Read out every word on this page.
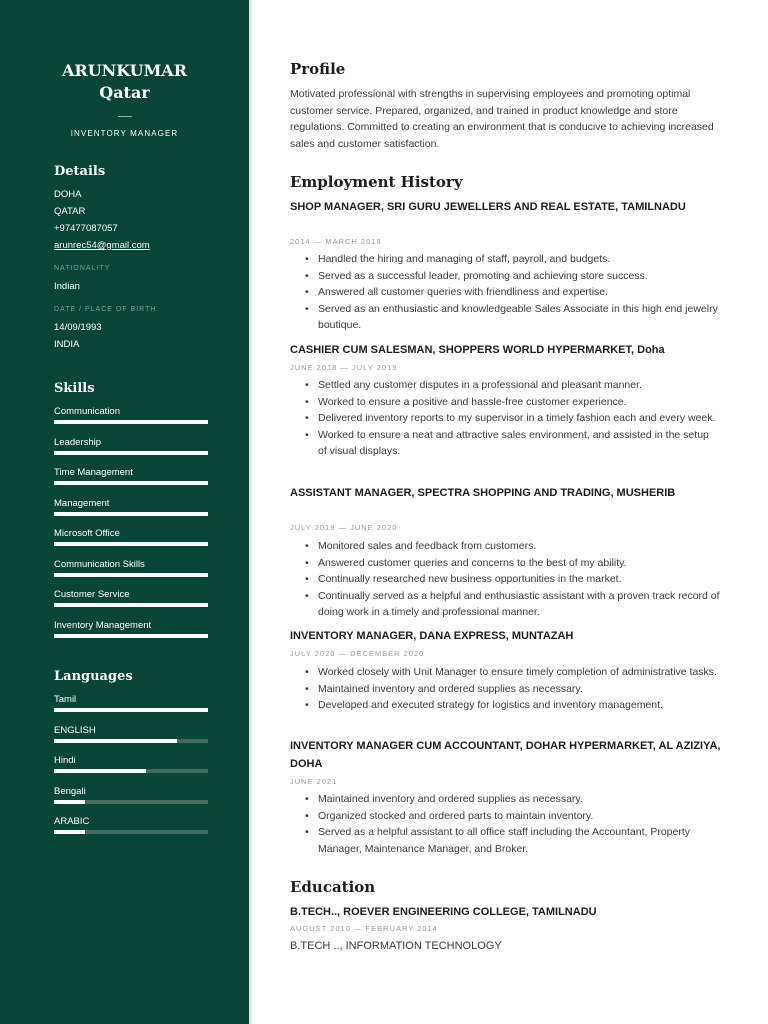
ARUNKUMAR
Qatar
INVENTORY MANAGER
Details
DOHA
QATAR
+97477087057
arunrec54@gmail.com
NATIONALITY
Indian
DATE / PLACE OF BIRTH
14/09/1993
INDIA
Skills
Communication
Leadership
Time Management
Management
Microsoft Office
Communication Skills
Customer Service
Inventory Management
Languages
Tamil
ENGLISH
Hindi
Bengali
ARABIC
Profile
Motivated professional with strengths in supervising employees and promoting optimal customer service. Prepared, organized, and trained in product knowledge and store regulations. Committed to creating an environment that is conducive to achieving increased sales and customer satisfaction.
Employment History
SHOP MANAGER, SRI GURU JEWELLERS AND REAL ESTATE, TAMILNADU
2014 — MARCH 2018
• Handled the hiring and managing of staff, payroll, and budgets.
• Served as a successful leader, promoting and achieving store success.
• Answered all customer queries with friendliness and expertise.
• Served as an enthusiastic and knowledgeable Sales Associate in this high end jewelry boutique.
CASHIER CUM SALESMAN, SHOPPERS WORLD HYPERMARKET, Doha
JUNE 2018 — JULY 2019
• Settled any customer disputes in a professional and pleasant manner.
• Worked to ensure a positive and hassle-free customer experience.
• Delivered inventory reports to my supervisor in a timely fashion each and every week.
• Worked to ensure a neat and attractive sales environment, and assisted in the setup of visual displays.
ASSISTANT MANAGER, SPECTRA SHOPPING AND TRADING, MUSHERIB
JULY 2019 — JUNE 2020
• Monitored sales and feedback from customers.
• Answered customer queries and concerns to the best of my ability.
• Continually researched new business opportunities in the market.
• Continually served as a helpful and enthusiastic assistant with a proven track record of doing work in a timely and professional manner.
INVENTORY MANAGER, DANA EXPRESS, MUNTAZAH
JULY 2020 — DECEMBER 2020
• Worked closely with Unit Manager to ensure timely completion of administrative tasks.
• Maintained inventory and ordered supplies as necessary.
• Developed and executed strategy for logistics and inventory management.
INVENTORY MANAGER CUM ACCOUNTANT, DOHAR HYPERMARKET, AL AZIZIYA, DOHA
JUNE 2021
• Maintained inventory and ordered supplies as necessary.
• Organized stocked and ordered parts to maintain inventory.
• Served as a helpful assistant to all office staff including the Accountant, Property Manager, Maintenance Manager, and Broker.
Education
B.TECH.., ROEVER ENGINEERING COLLEGE, TAMILNADU
AUGUST 2010 — FEBRUARY 2014
B.TECH .., INFORMATION TECHNOLOGY
